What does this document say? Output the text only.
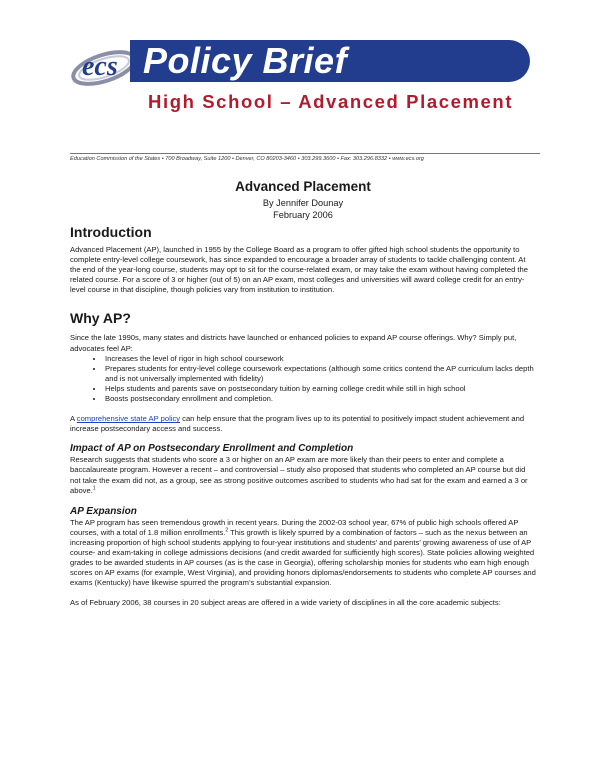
ecs Policy Brief
High School – Advanced Placement
Education Commission of the States • 700 Broadway, Suite 1200 • Denver, CO 80203-3460 • 303.299.3600 • Fax: 303.296.8332 • www.ecs.org
Advanced Placement
By Jennifer Dounay
February 2006
Introduction

Advanced Placement (AP), launched in 1955 by the College Board as a program to offer gifted high school students the opportunity to complete entry-level college coursework, has since expanded to encourage a broader array of students to tackle challenging content. At the end of the year-long course, students may opt to sit for the course-related exam, or may take the exam without having completed the related course. For a score of 3 or higher (out of 5) on an AP exam, most colleges and universities will award college credit for an entry-level course in that discipline, though policies vary from institution to institution.

Why AP?

Since the late 1990s, many states and districts have launched or enhanced policies to expand AP course offerings. Why? Simply put, advocates feel AP:

• Increases the level of rigor in high school coursework
• Prepares students for entry-level college coursework expectations (although some critics contend the AP curriculum lacks depth and is not universally implemented with fidelity)
• Helps students and parents save on postsecondary tuition by earning college credit while still in high school
• Boosts postsecondary enrollment and completion.

A comprehensive state AP policy can help ensure that the program lives up to its potential to positively impact student achievement and increase postsecondary access and success.

Impact of AP on Postsecondary Enrollment and Completion

Research suggests that students who score a 3 or higher on an AP exam are more likely than their peers to enter and complete a baccalaureate program. However a recent – and controversial – study also proposed that students who completed an AP course but did not take the exam did not, as a group, see as strong positive outcomes ascribed to students who had sat for the exam and earned a 3 or above.$^1$

AP Expansion

The AP program has seen tremendous growth in recent years. During the 2002-03 school year, 67% of public high schools offered AP courses, with a total of 1.8 million enrollments.$^2$ This growth is likely spurred by a combination of factors – such as the nexus between an increasing proportion of high school students applying to four-year institutions and students’ and parents’ growing awareness of use of AP course- and exam-taking in college admissions decisions (and credit awarded for sufficiently high scores). State policies allowing weighted grades to be awarded students in AP courses (as is the case in Georgia), offering scholarship monies for students who earn high enough scores on AP exams (for example, West Virginia), and providing honors diplomas/endorsements to students who complete AP courses and exams (Kentucky) have likewise spurred the program’s substantial expansion.

As of February 2006, 38 courses in 20 subject areas are offered in a wide variety of disciplines in all the core academic subjects:
